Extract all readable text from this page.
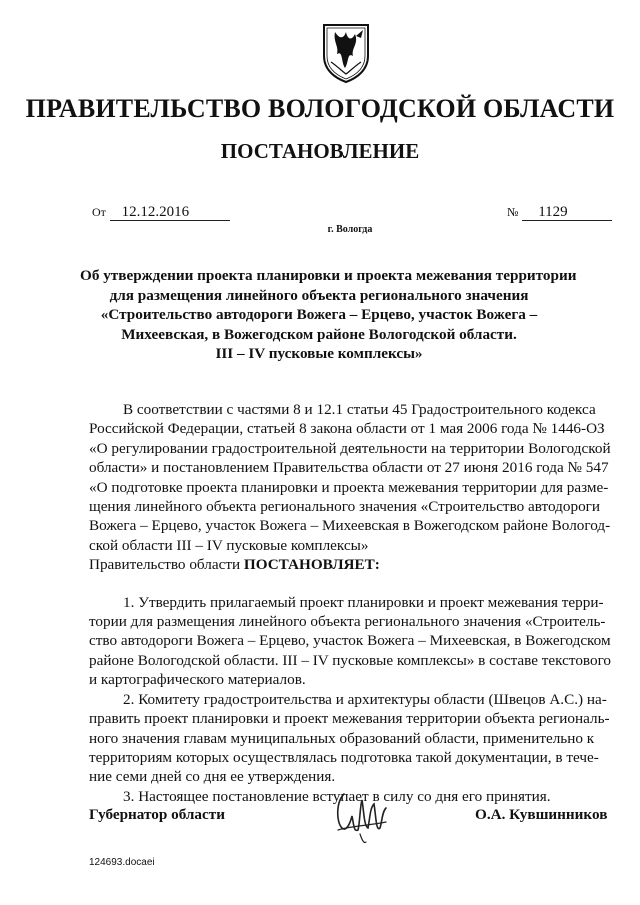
ПРАВИТЕЛЬСТВО ВОЛОГОДСКОЙ ОБЛАСТИ
ПОСТАНОВЛЕНИЕ
От 12.12.2016	№ 1129
г. Вологда
Об утверждении проекта планировки и проекта межевания территории
для размещения линейного объекта регионального значения
«Строительство автодороги Вожега – Ерцево, участок Вожега –
Михеевская, в Вожегодском районе Вологодской области.
III – IV пусковые комплексы»
В соответствии с частями 8 и 12.1 статьи 45 Градостроительного кодекса
Российской Федерации, статьей 8 закона области от 1 мая 2006 года № 1446-ОЗ
«О регулировании градостроительной деятельности на территории Вологодской
области» и постановлением Правительства области от 27 июня 2016 года № 547
«О подготовке проекта планировки и проекта межевания территории для разме-
щения линейного объекта регионального значения «Строительство автодороги
Вожега – Ерцево, участок Вожега – Михеевская в Вожегодском районе Вологод-
ской области III – IV пусковые комплексы»
Правительство области ПОСТАНОВЛЯЕТ:
1. Утвердить прилагаемый проект планировки и проект межевания терри-
тории для размещения линейного объекта регионального значения «Строитель-
ство автодороги Вожега – Ерцево, участок Вожега – Михеевская, в Вожегодском
районе Вологодской области. III – IV пусковые комплексы» в составе текстового
и картографического материалов.
2. Комитету градостроительства и архитектуры области (Швецов А.С.) на-
править проект планировки и проект межевания территории объекта региональ-
ного значения главам муниципальных образований области, применительно к
территориям которых осуществлялась подготовка такой документации, в тече-
ние семи дней со дня ее утверждения.
3. Настоящее постановление вступает в силу со дня его принятия.
Губернатор области	О.А. Кувшинников
124693.docaei
